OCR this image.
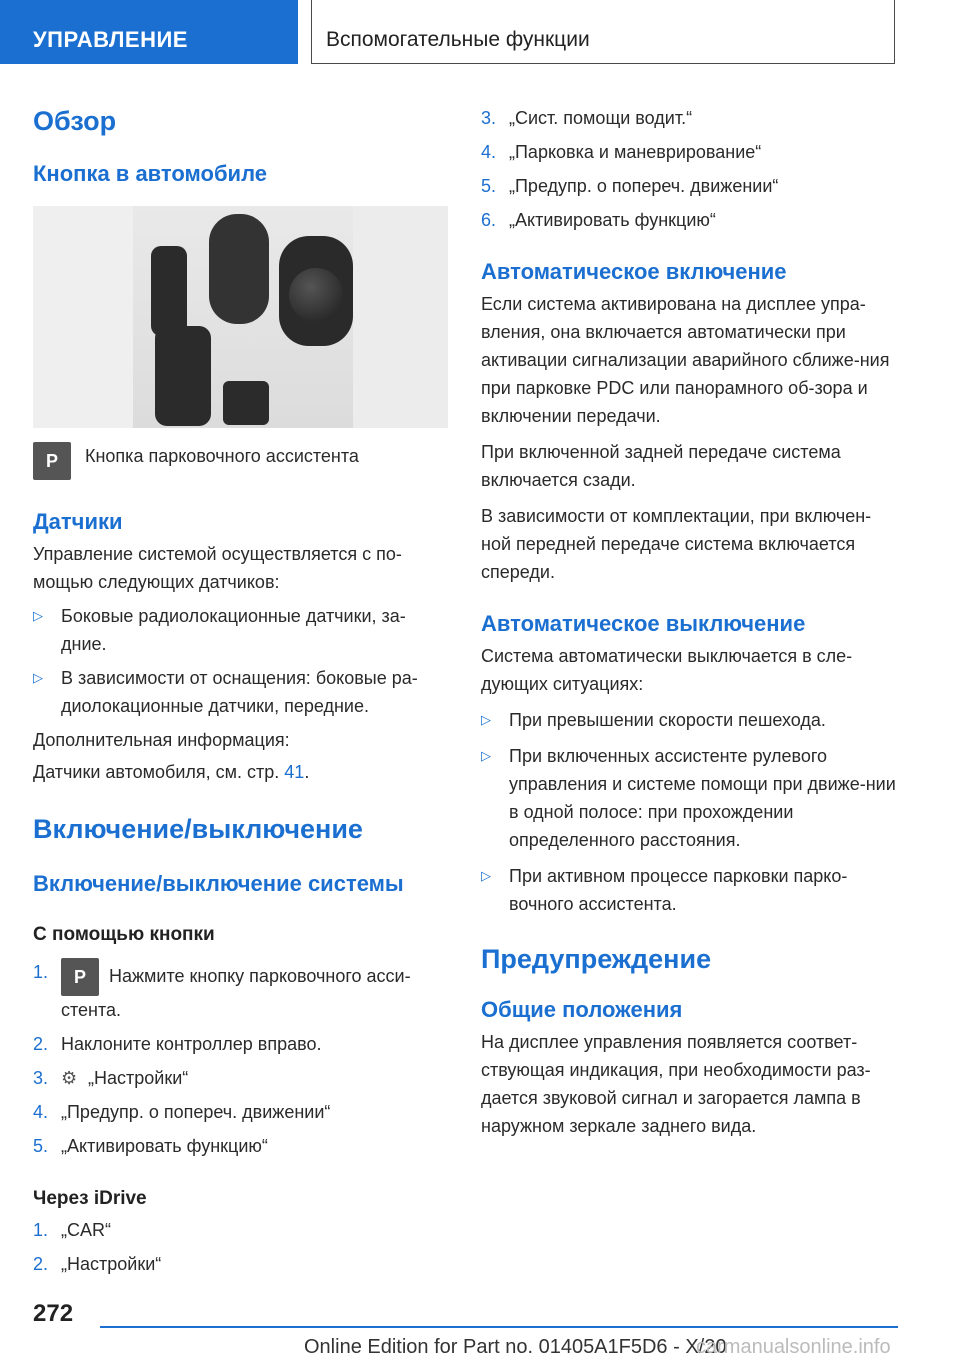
УПРАВЛЕНИЕ	Вспомогательные функции
Обзор
Кнопка в автомобиле
P Кнопка парковочного ассистента
Датчики
Управление системой осуществляется с по-мощью следующих датчиков:
▷	Боковые радиолокационные датчики, за-дние.
▷	В зависимости от оснащения: боковые ра-диолокационные датчики, передние.
Дополнительная информация:
Датчики автомобиля, см. стр. 41.
Включение/выключение
Включение/выключение системы
С помощью кнопки
1.	P Нажмите кнопку парковочного асси-стента.
2. Наклоните контроллер вправо.
3. ⚙ „Настройки“
4. „Предупр. о попереч. движении“
5. „Активировать функцию“
Через iDrive
1. „CAR“
2. „Настройки“
3. „Сист. помощи водит.“
4. „Парковка и маневрирование“
5. „Предупр. о попереч. движении“
6. „Активировать функцию“
Автоматическое включение
Если система активирована на дисплее упра-вления, она включается автоматически при активации сигнализации аварийного сближе-ния при парковке PDC или панорамного об-зора и включении передачи.
При включенной задней передаче система включается сзади.
В зависимости от комплектации, при включен-ной передней передаче система включается спереди.
Автоматическое выключение
Система автоматически выключается в сле-дующих ситуациях:
▷	При превышении скорости пешехода.
▷	При включенных ассистенте рулевого управления и системе помощи при движе-нии в одной полосе: при прохождении определенного расстояния.
▷	При активном процессе парковки парко-вочного ассистента.
Предупреждение
Общие положения
На дисплее управления появляется соответ-ствующая индикация, при необходимости раз-дается звуковой сигнал и загорается лампа в наружном зеркале заднего вида.
272
Online Edition for Part no. 01405A1F5D6 - X/20
carmanualsonline.info
